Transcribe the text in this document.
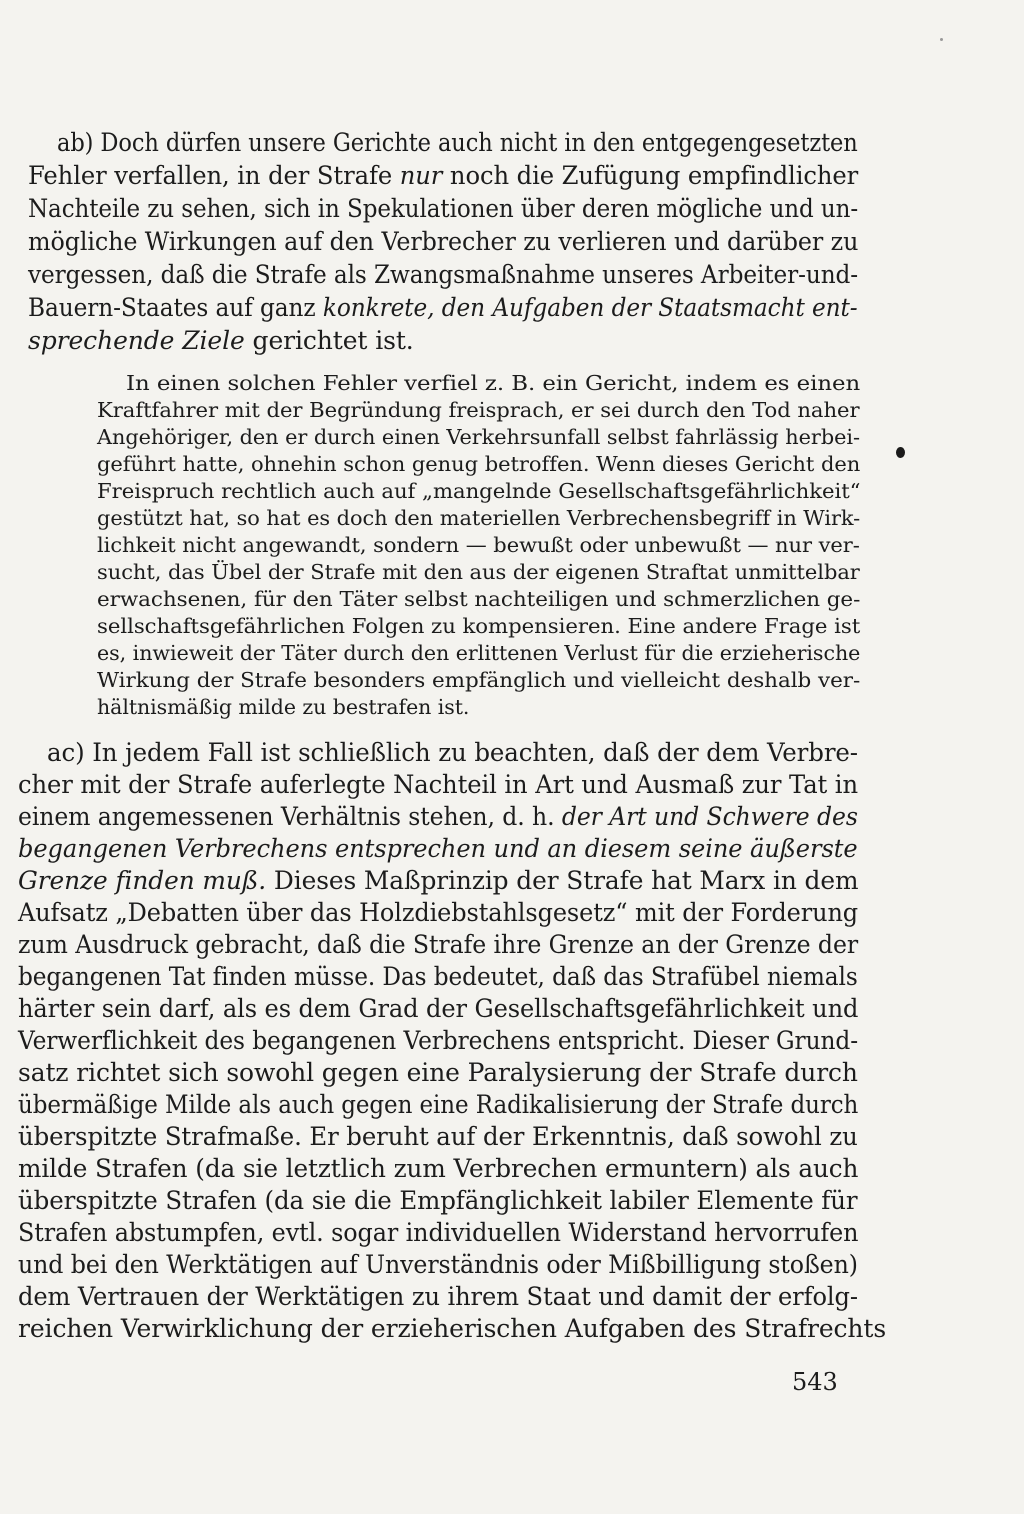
ab) Doch dürfen unsere Gerichte auch nicht in den entgegengesetzten

Fehler verfallen, in der Strafe nur noch die Zufügung empfindlicher

Nachteile zu sehen, sich in Spekulationen über deren mögliche und un-

mögliche Wirkungen auf den Verbrecher zu verlieren und darüber zu

vergessen, daß die Strafe als Zwangsmaßnahme unseres Arbeiter-und-

Bauern-Staates auf ganz konkrete, den Aufgaben der Staatsmacht ent-

sprechende Ziele gerichtet ist.

In einen solchen Fehler verfiel z. B. ein Gericht, indem es einen

Kraftfahrer mit der Begründung freisprach, er sei durch den Tod naher

Angehöriger, den er durch einen Verkehrsunfall selbst fahrlässig herbei-

geführt hatte, ohnehin schon genug betroffen. Wenn dieses Gericht den

Freispruch rechtlich auch auf „mangelnde Gesellschaftsgefährlichkeit“

gestützt hat, so hat es doch den materiellen Verbrechensbegriff in Wirk-

lichkeit nicht angewandt, sondern — bewußt oder unbewußt — nur ver-

sucht, das Übel der Strafe mit den aus der eigenen Straftat unmittelbar

erwachsenen, für den Täter selbst nachteiligen und schmerzlichen ge-

sellschaftsgefährlichen Folgen zu kompensieren. Eine andere Frage ist

es, inwieweit der Täter durch den erlittenen Verlust für die erzieherische

Wirkung der Strafe besonders empfänglich und vielleicht deshalb ver-

hältnismäßig milde zu bestrafen ist.

ac) In jedem Fall ist schließlich zu beachten, daß der dem Verbre-

cher mit der Strafe auferlegte Nachteil in Art und Ausmaß zur Tat in

einem angemessenen Verhältnis stehen, d. h. der Art und Schwere des

begangenen Verbrechens entsprechen und an diesem seine äußerste

Grenze finden muß. Dieses Maßprinzip der Strafe hat Marx in dem

Aufsatz „Debatten über das Holzdiebstahlsgesetz“ mit der Forderung

zum Ausdruck gebracht, daß die Strafe ihre Grenze an der Grenze der

begangenen Tat finden müsse. Das bedeutet, daß das Strafübel niemals

härter sein darf, als es dem Grad der Gesellschaftsgefährlichkeit und

Verwerflichkeit des begangenen Verbrechens entspricht. Dieser Grund-

satz richtet sich sowohl gegen eine Paralysierung der Strafe durch

übermäßige Milde als auch gegen eine Radikalisierung der Strafe durch

überspitzte Strafmaße. Er beruht auf der Erkenntnis, daß sowohl zu

milde Strafen (da sie letztlich zum Verbrechen ermuntern) als auch

überspitzte Strafen (da sie die Empfänglichkeit labiler Elemente für

Strafen abstumpfen, evtl. sogar individuellen Widerstand hervorrufen

und bei den Werktätigen auf Unverständnis oder Mißbilligung stoßen)

dem Vertrauen der Werktätigen zu ihrem Staat und damit der erfolg-

reichen Verwirklichung der erzieherischen Aufgaben des Strafrechts

543
